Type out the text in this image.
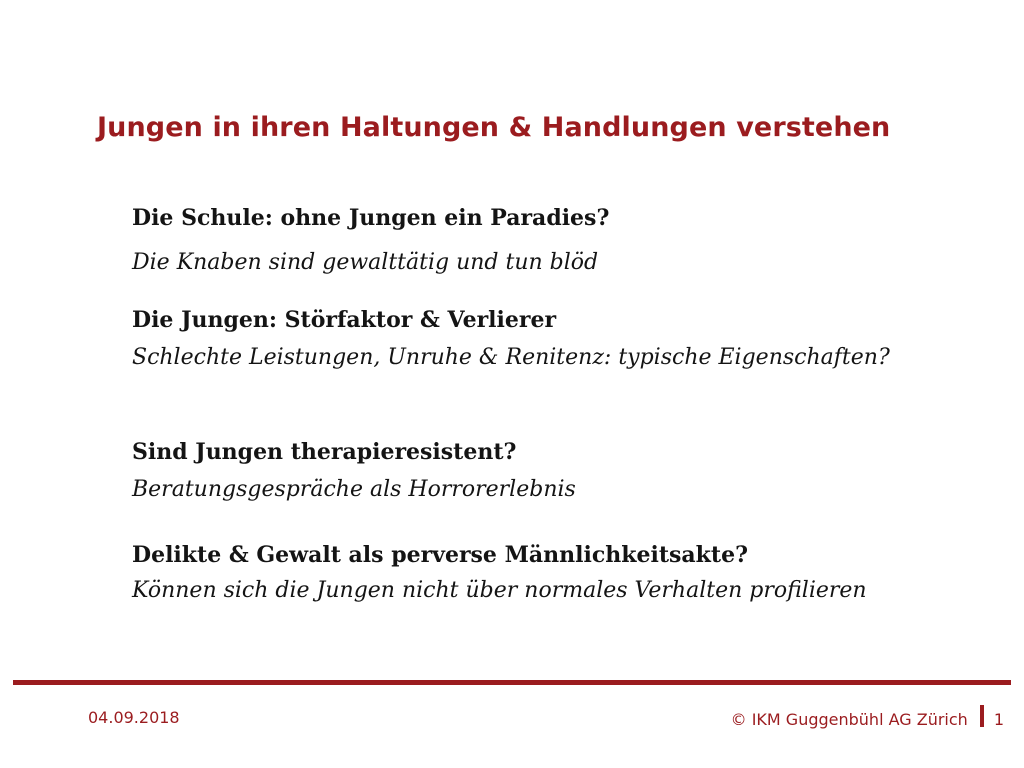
Jungen in ihren Haltungen & Handlungen verstehen

Die Schule: ohne Jungen ein Paradies?

Die Knaben sind gewalttätig und tun blöd

Die Jungen: Störfaktor & Verlierer

Schlechte Leistungen, Unruhe & Renitenz: typische Eigenschaften?

Sind Jungen therapieresistent?

Beratungsgespräche als Horrorerlebnis

Delikte & Gewalt als perverse Männlichkeitsakte?

Können sich die Jungen nicht über normales Verhalten profilieren

04.09.2018	© IKM Guggenbühl AG Zürich 1
